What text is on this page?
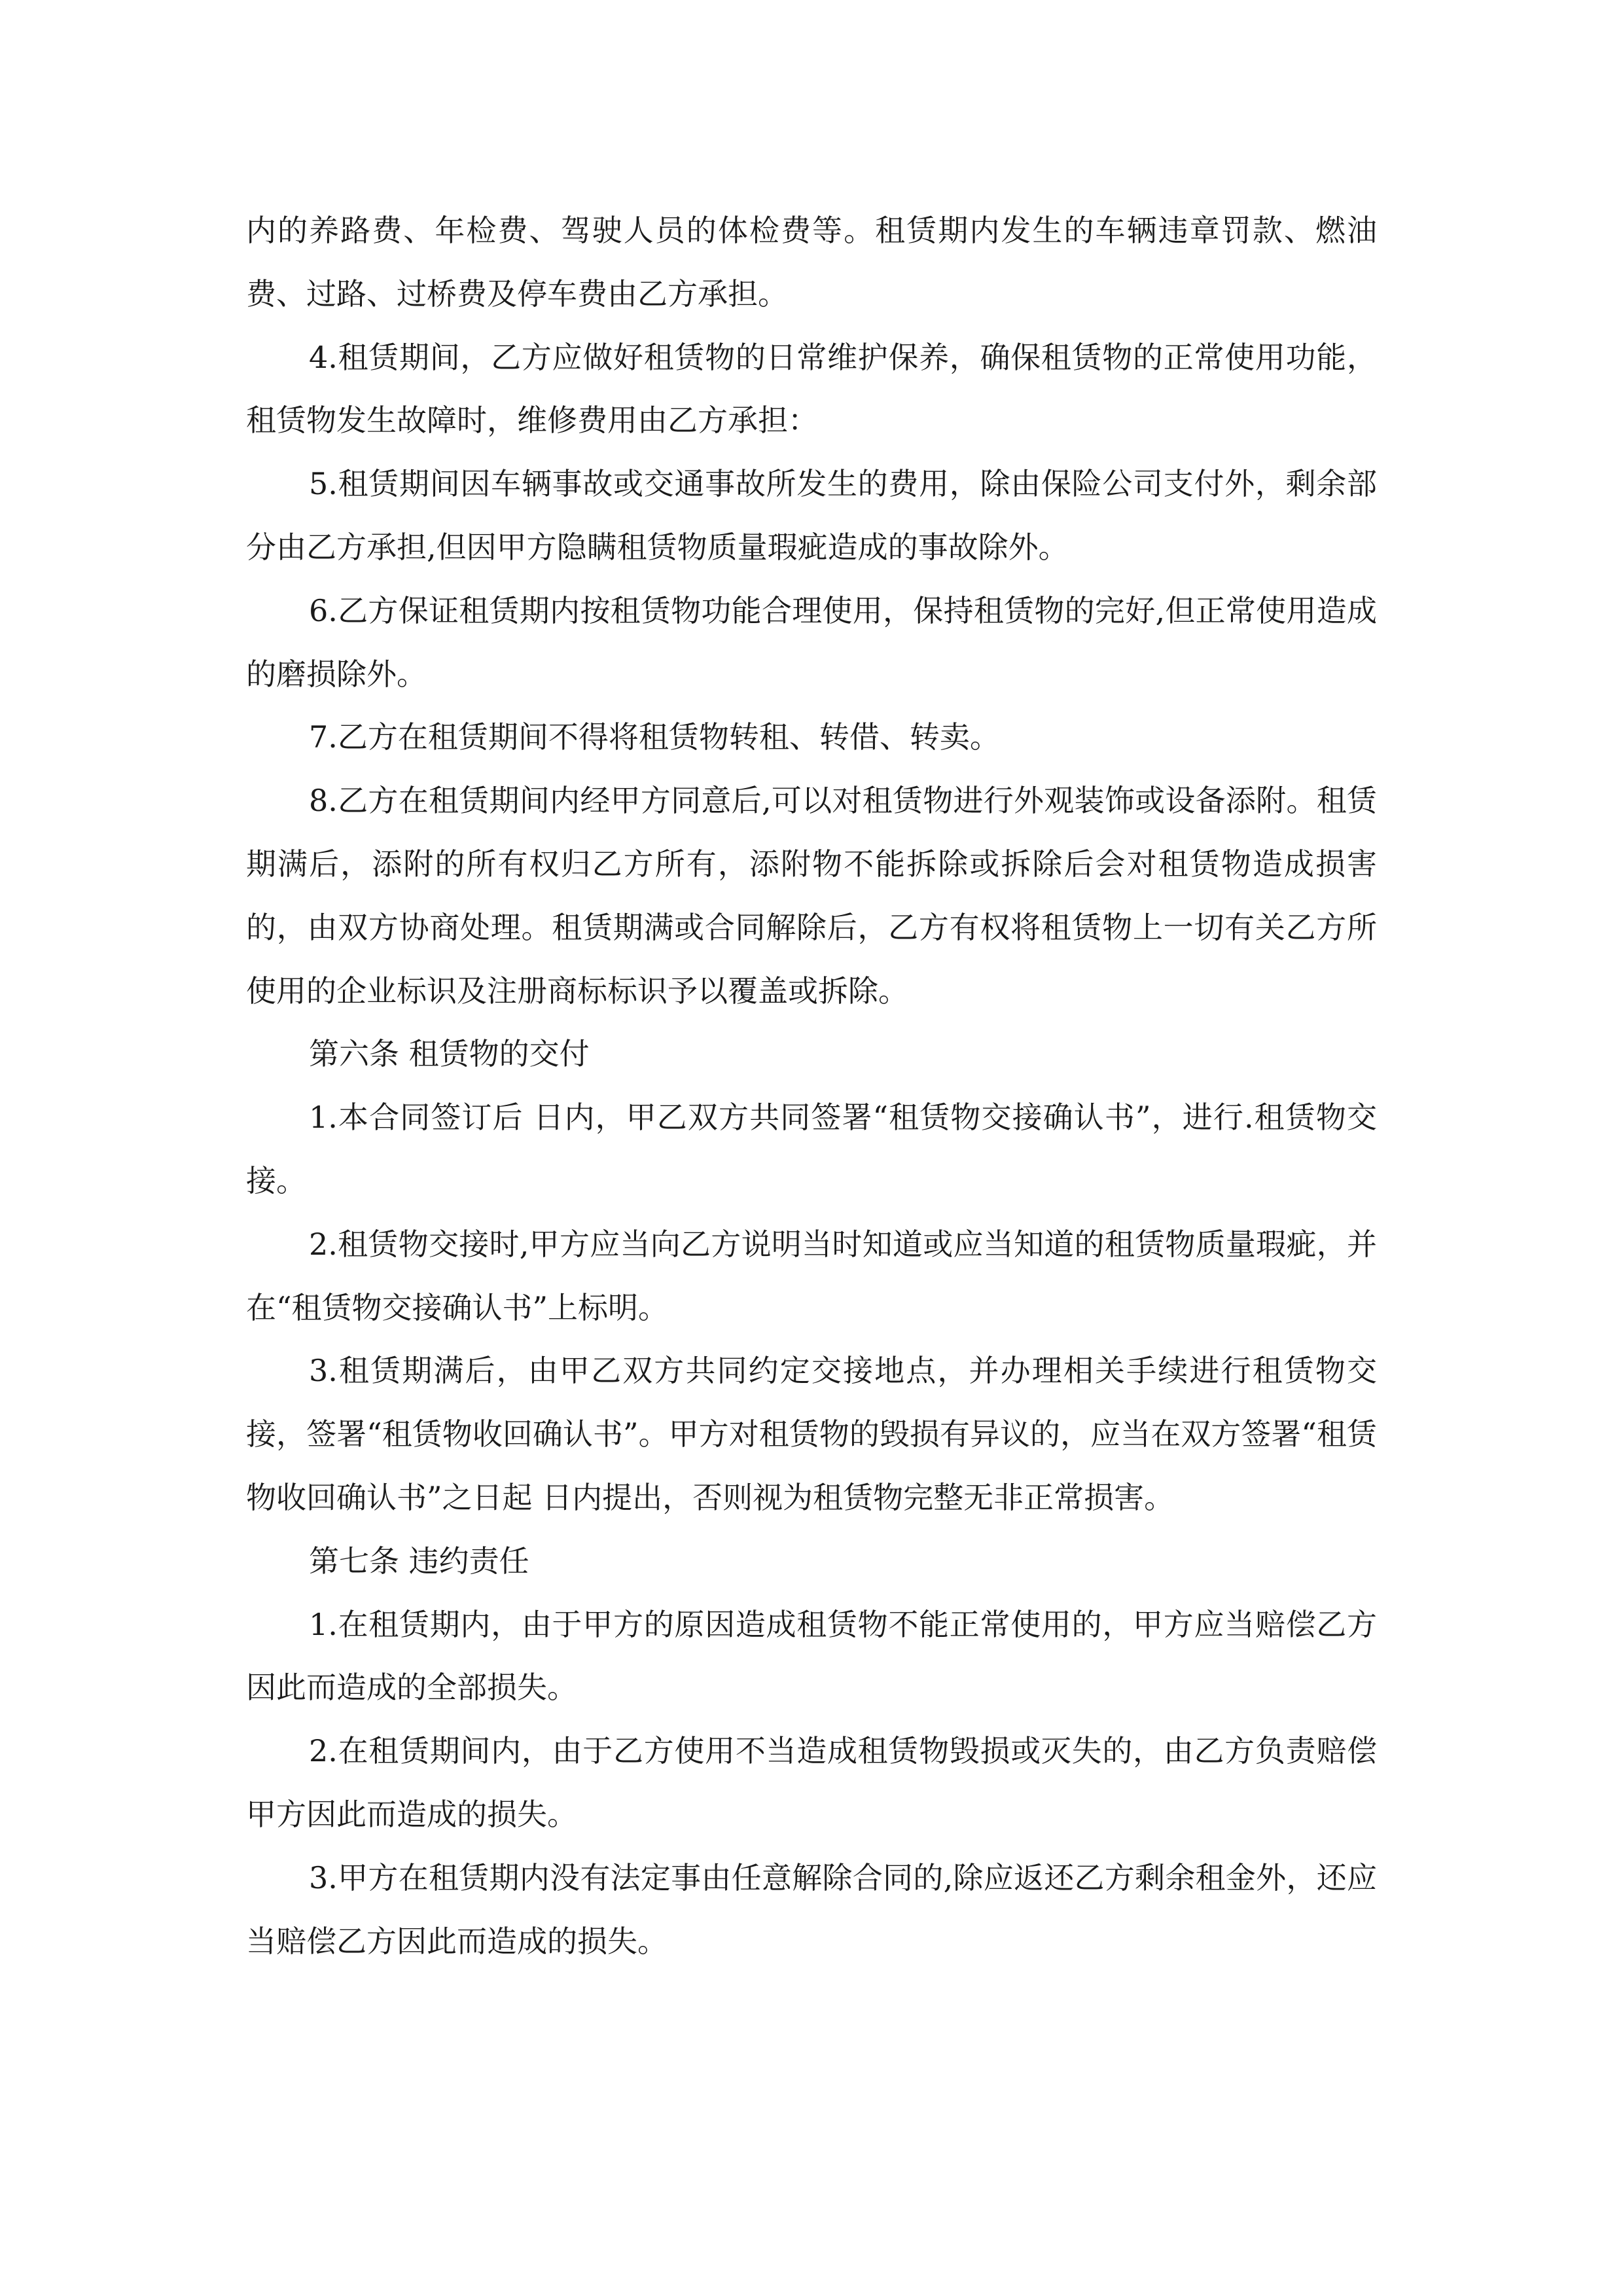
内的养路费、年检费、驾驶人员的体检费等。租赁期内发生的车辆违章罚款、燃油费、过路、过桥费及停车费由乙方承担。

4.租赁期间，乙方应做好租赁物的日常维护保养，确保租赁物的正常使用功能，租赁物发生故障时，维修费用由乙方承担：

5.租赁期间因车辆事故或交通事故所发生的费用，除由保险公司支付外，剩余部分由乙方承担,但因甲方隐瞒租赁物质量瑕疵造成的事故除外。

6.乙方保证租赁期内按租赁物功能合理使用，保持租赁物的完好,但正常使用造成的磨损除外。

7.乙方在租赁期间不得将租赁物转租、转借、转卖。

8.乙方在租赁期间内经甲方同意后,可以对租赁物进行外观装饰或设备添附。租赁期满后，添附的所有权归乙方所有，添附物不能拆除或拆除后会对租赁物造成损害的，由双方协商处理。租赁期满或合同解除后，乙方有权将租赁物上一切有关乙方所使用的企业标识及注册商标标识予以覆盖或拆除。

第六条 租赁物的交付

1.本合同签订后 日内，甲乙双方共同签署“租赁物交接确认书”，进行.租赁物交接。

2.租赁物交接时,甲方应当向乙方说明当时知道或应当知道的租赁物质量瑕疵，并在“租赁物交接确认书”上标明。

3.租赁期满后，由甲乙双方共同约定交接地点，并办理相关手续进行租赁物交接，签署“租赁物收回确认书”。甲方对租赁物的毁损有异议的，应当在双方签署“租赁物收回确认书”之日起 日内提出，否则视为租赁物完整无非正常损害。

第七条 违约责任

1.在租赁期内，由于甲方的原因造成租赁物不能正常使用的，甲方应当赔偿乙方因此而造成的全部损失。

2.在租赁期间内，由于乙方使用不当造成租赁物毁损或灭失的，由乙方负责赔偿甲方因此而造成的损失。

3.甲方在租赁期内没有法定事由任意解除合同的,除应返还乙方剩余租金外，还应当赔偿乙方因此而造成的损失。
